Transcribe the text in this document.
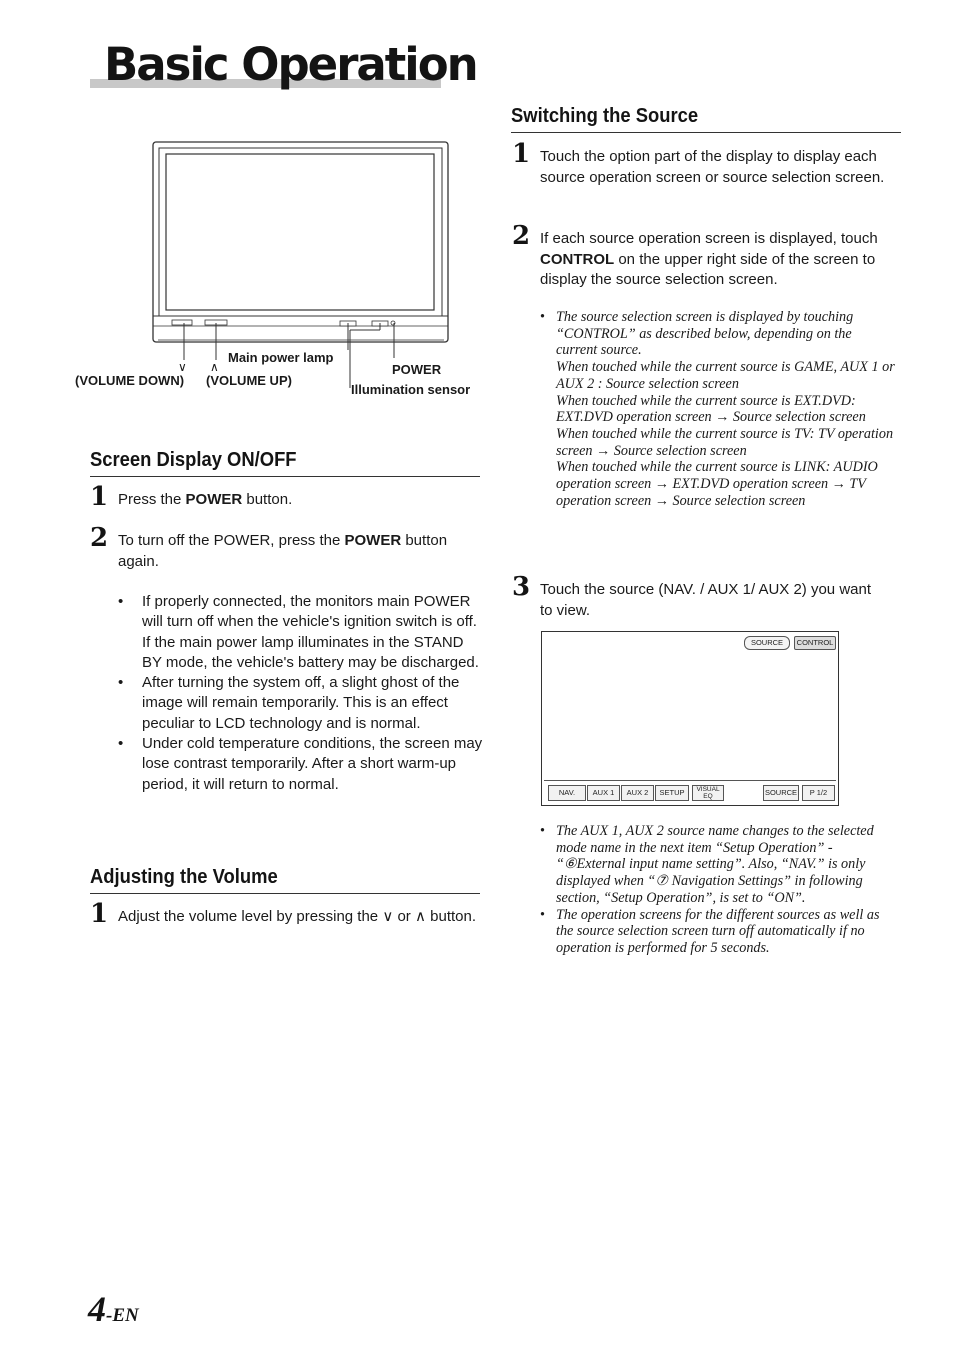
Basic Operation
Main power lamp
POWER
Illumination sensor
∨ ∧
(VOLUME DOWN) (VOLUME UP)
Screen Display ON/OFF
1 Press the POWER button.
2 To turn off the POWER, press the POWER button again.
• If properly connected, the monitors main POWER will turn off when the vehicle's ignition switch is off. If the main power lamp illuminates in the STAND BY mode, the vehicle's battery may be discharged.
• After turning the system off, a slight ghost of the image will remain temporarily. This is an effect peculiar to LCD technology and is normal.
• Under cold temperature conditions, the screen may lose contrast temporarily. After a short warm-up period, it will return to normal.
Adjusting the Volume
1 Adjust the volume level by pressing the ∨ or ∧ button.
Switching the Source
1 Touch the option part of the display to display each source operation screen or source selection screen.
2 If each source operation screen is displayed, touch CONTROL on the upper right side of the screen to display the source selection screen.
• The source selection screen is displayed by touching “CONTROL” as described below, depending on the current source.
When touched while the current source is GAME, AUX 1 or AUX 2 : Source selection screen
When touched while the current source is EXT.DVD: EXT.DVD operation screen → Source selection screen
When touched while the current source is TV: TV operation screen → Source selection screen
When touched while the current source is LINK: AUDIO operation screen → EXT.DVD operation screen → TV operation screen → Source selection screen
3 Touch the source (NAV. / AUX 1/ AUX 2) you want to view.
SOURCE	CONTROL
NAV.	AUX 1	AUX 2	SETUP	VISUAL
EQ	SOURCE	P 1/2
• The AUX 1, AUX 2 source name changes to the selected mode name in the next item “Setup Operation” - “⑥External input name setting”. Also, “NAV.” is only displayed when “⑦ Navigation Settings” in following section, “Setup Operation”, is set to “ON”.
• The operation screens for the different sources as well as the source selection screen turn off automatically if no operation is performed for 5 seconds.
4-EN
